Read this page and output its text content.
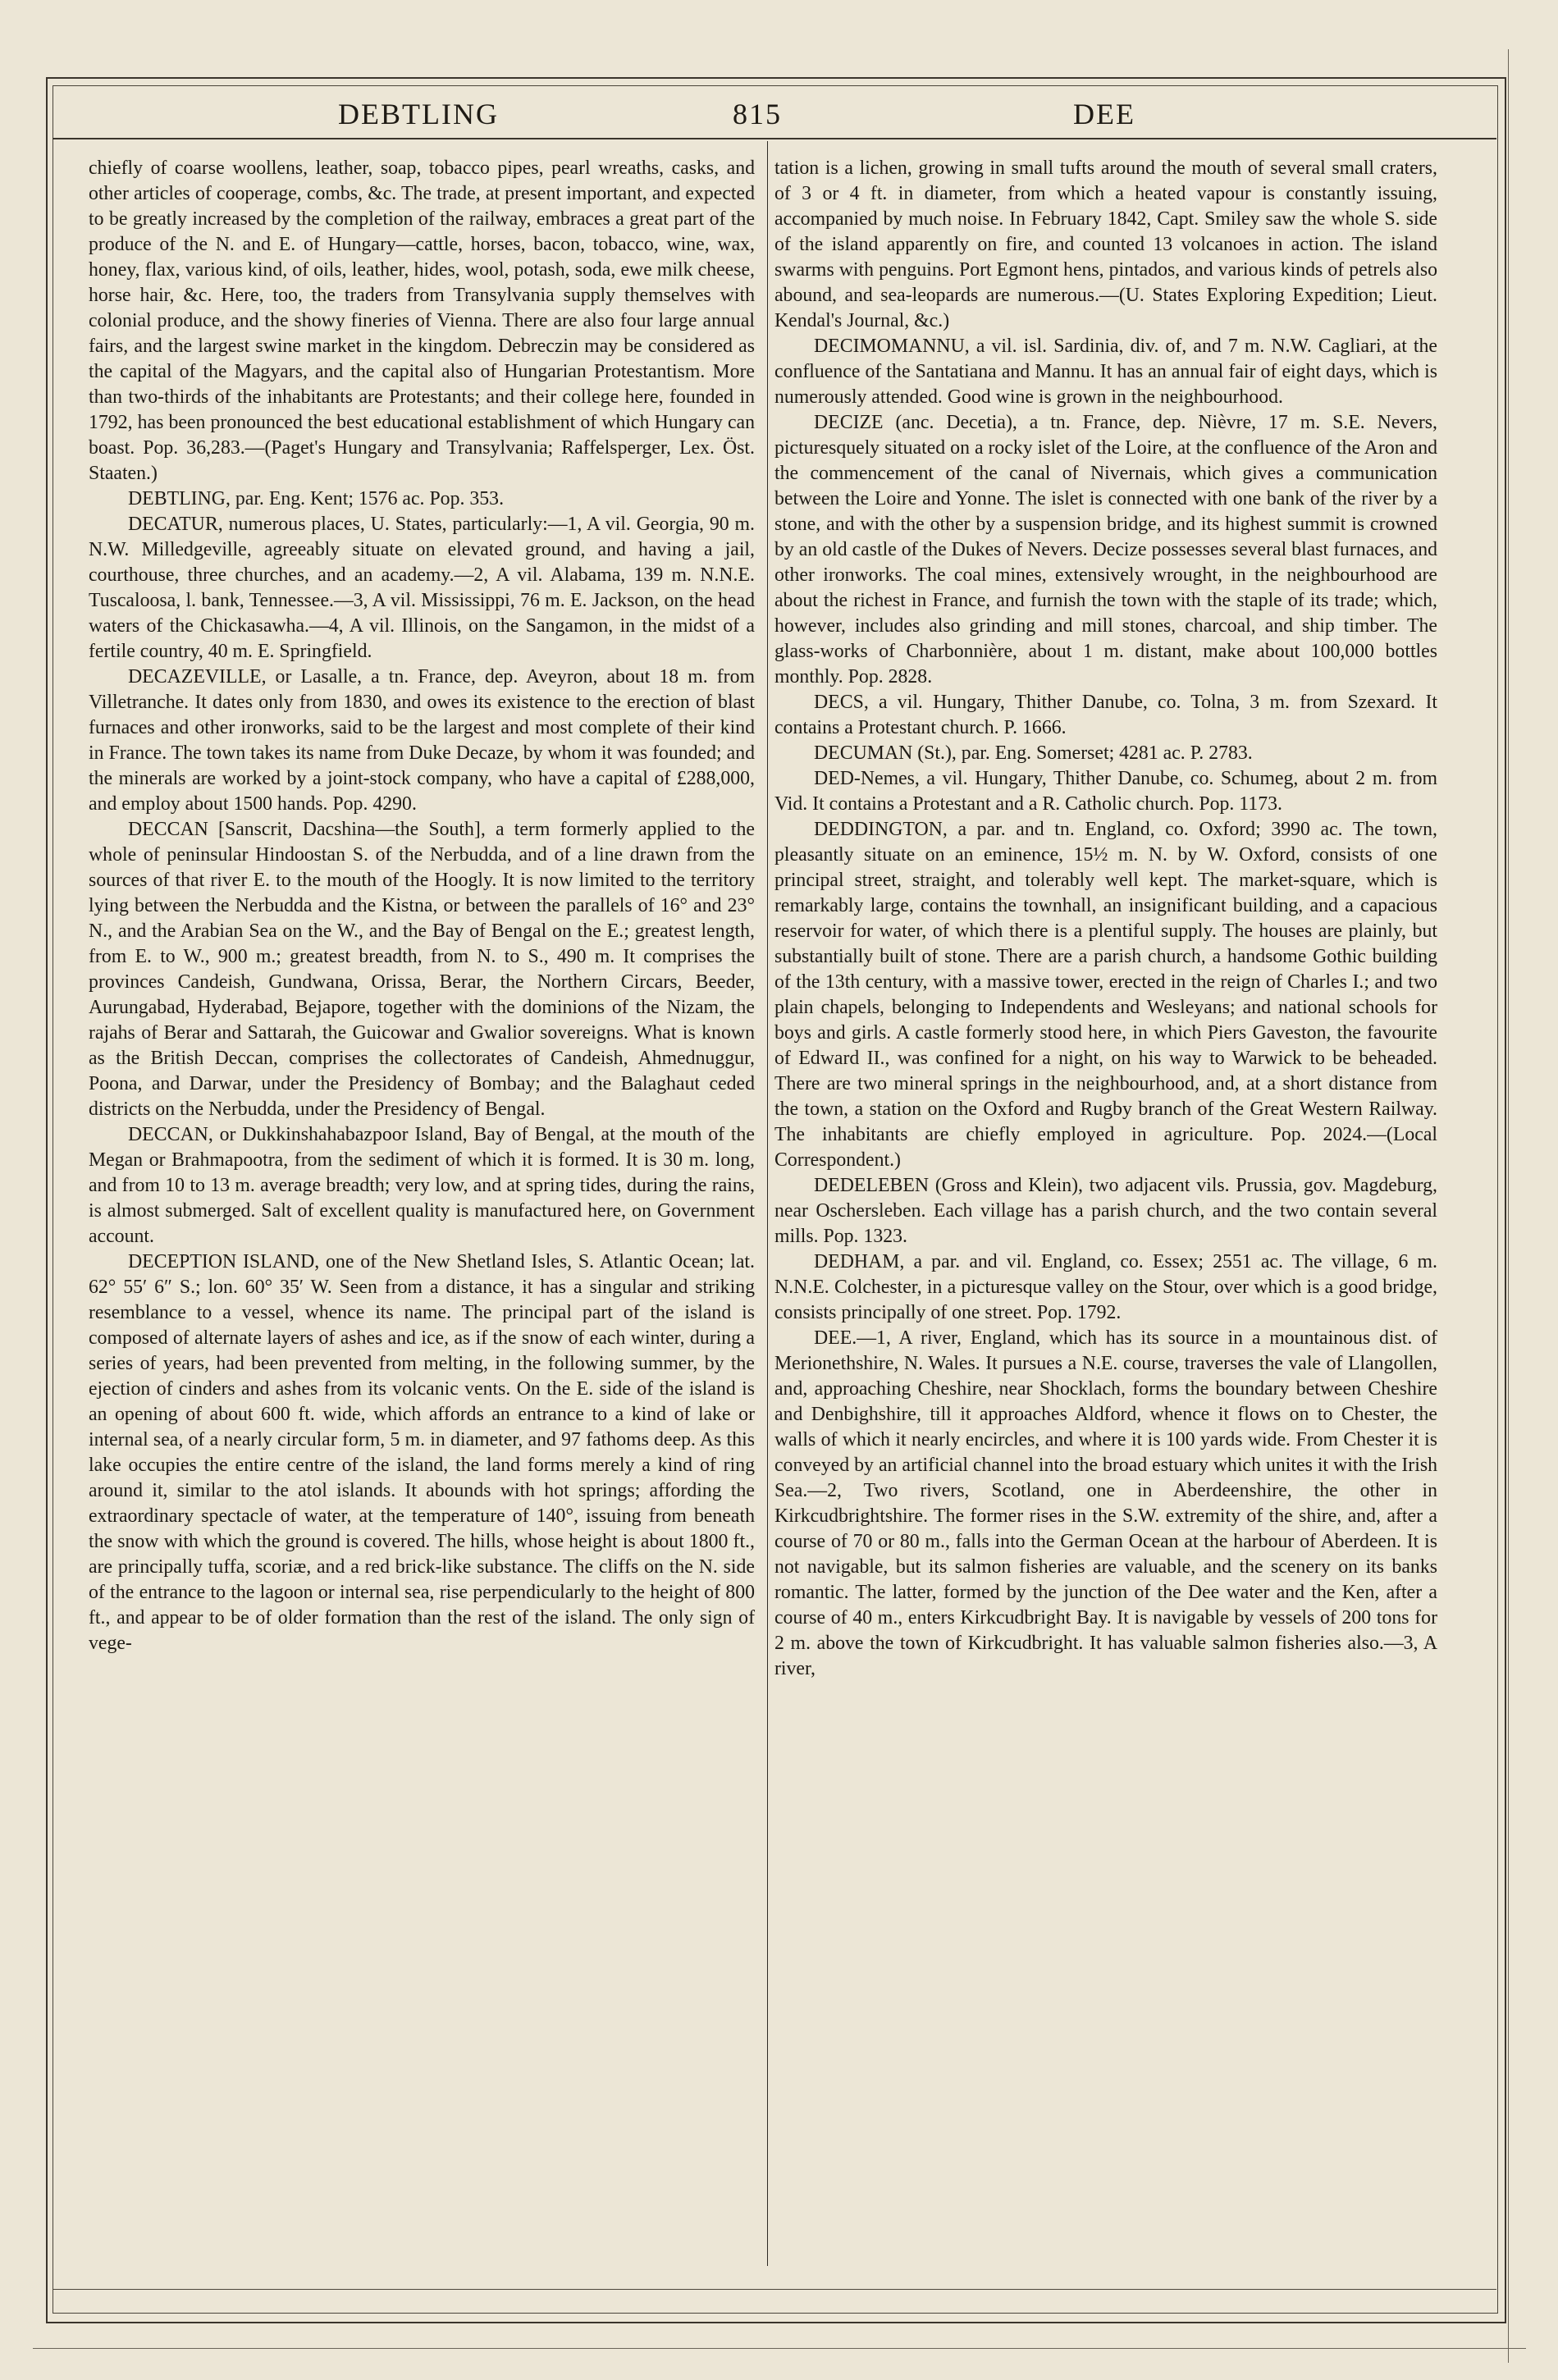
DEBTLING	815	DEE

chiefly of coarse woollens, leather, soap, tobacco pipes, pearl wreaths, casks, and other articles of cooperage, combs, &c. The trade, at present important, and expected to be greatly increased by the completion of the railway, embraces a great part of the produce of the N. and E. of Hungary—cattle, horses, bacon, tobacco, wine, wax, honey, flax, various kind, of oils, leather, hides, wool, potash, soda, ewe milk cheese, horse hair, &c. Here, too, the traders from Transylvania supply themselves with colonial produce, and the showy fineries of Vienna. There are also four large annual fairs, and the largest swine market in the kingdom. Debreczin may be considered as the capital of the Magyars, and the capital also of Hungarian Protestantism. More than two-thirds of the inhabitants are Protestants; and their college here, founded in 1792, has been pronounced the best educational establishment of which Hungary can boast. Pop. 36,283.—(Paget's Hungary and Transylvania; Raffelsperger, Lex. Öst. Staaten.)

DEBTLING, par. Eng. Kent; 1576 ac. Pop. 353.

DECATUR, numerous places, U. States, particularly:—1, A vil. Georgia, 90 m. N.W. Milledgeville, agreeably situate on elevated ground, and having a jail, courthouse, three churches, and an academy.—2, A vil. Alabama, 139 m. N.N.E. Tuscaloosa, l. bank, Tennessee.—3, A vil. Mississippi, 76 m. E. Jackson, on the head waters of the Chickasawha.—4, A vil. Illinois, on the Sangamon, in the midst of a fertile country, 40 m. E. Springfield.

DECAZEVILLE, or Lasalle, a tn. France, dep. Aveyron, about 18 m. from Villetranche. It dates only from 1830, and owes its existence to the erection of blast furnaces and other ironworks, said to be the largest and most complete of their kind in France. The town takes its name from Duke Decaze, by whom it was founded; and the minerals are worked by a joint-stock company, who have a capital of £288,000, and employ about 1500 hands. Pop. 4290.

DECCAN [Sanscrit, Dacshina—the South], a term formerly applied to the whole of peninsular Hindoostan S. of the Nerbudda, and of a line drawn from the sources of that river E. to the mouth of the Hoogly. It is now limited to the territory lying between the Nerbudda and the Kistna, or between the parallels of 16° and 23° N., and the Arabian Sea on the W., and the Bay of Bengal on the E.; greatest length, from E. to W., 900 m.; greatest breadth, from N. to S., 490 m. It comprises the provinces Candeish, Gundwana, Orissa, Berar, the Northern Circars, Beeder, Aurungabad, Hyderabad, Bejapore, together with the dominions of the Nizam, the rajahs of Berar and Sattarah, the Guicowar and Gwalior sovereigns. What is known as the British Deccan, comprises the collectorates of Candeish, Ahmednuggur, Poona, and Darwar, under the Presidency of Bombay; and the Balaghaut ceded districts on the Nerbudda, under the Presidency of Bengal.

DECCAN, or Dukkinshahabazpoor Island, Bay of Bengal, at the mouth of the Megan or Brahmapootra, from the sediment of which it is formed. It is 30 m. long, and from 10 to 13 m. average breadth; very low, and at spring tides, during the rains, is almost submerged. Salt of excellent quality is manufactured here, on Government account.

DECEPTION ISLAND, one of the New Shetland Isles, S. Atlantic Ocean; lat. 62° 55′ 6″ S.; lon. 60° 35′ W. Seen from a distance, it has a singular and striking resemblance to a vessel, whence its name. The principal part of the island is composed of alternate layers of ashes and ice, as if the snow of each winter, during a series of years, had been prevented from melting, in the following summer, by the ejection of cinders and ashes from its volcanic vents. On the E. side of the island is an opening of about 600 ft. wide, which affords an entrance to a kind of lake or internal sea, of a nearly circular form, 5 m. in diameter, and 97 fathoms deep. As this lake occupies the entire centre of the island, the land forms merely a kind of ring around it, similar to the atol islands. It abounds with hot springs; affording the extraordinary spectacle of water, at the temperature of 140°, issuing from beneath the snow with which the ground is covered. The hills, whose height is about 1800 ft., are principally tuffa, scoriæ, and a red brick-like substance. The cliffs on the N. side of the entrance to the lagoon or internal sea, rise perpendicularly to the height of 800 ft., and appear to be of older formation than the rest of the island. The only sign of vege-

tation is a lichen, growing in small tufts around the mouth of several small craters, of 3 or 4 ft. in diameter, from which a heated vapour is constantly issuing, accompanied by much noise. In February 1842, Capt. Smiley saw the whole S. side of the island apparently on fire, and counted 13 volcanoes in action. The island swarms with penguins. Port Egmont hens, pintados, and various kinds of petrels also abound, and sea-leopards are numerous.—(U. States Exploring Expedition; Lieut. Kendal's Journal, &c.)

DECIMOMANNU, a vil. isl. Sardinia, div. of, and 7 m. N.W. Cagliari, at the confluence of the Santatiana and Mannu. It has an annual fair of eight days, which is numerously attended. Good wine is grown in the neighbourhood.

DECIZE (anc. Decetia), a tn. France, dep. Nièvre, 17 m. S.E. Nevers, picturesquely situated on a rocky islet of the Loire, at the confluence of the Aron and the commencement of the canal of Nivernais, which gives a communication between the Loire and Yonne. The islet is connected with one bank of the river by a stone, and with the other by a suspension bridge, and its highest summit is crowned by an old castle of the Dukes of Nevers. Decize possesses several blast furnaces, and other ironworks. The coal mines, extensively wrought, in the neighbourhood are about the richest in France, and furnish the town with the staple of its trade; which, however, includes also grinding and mill stones, charcoal, and ship timber. The glass-works of Charbonnière, about 1 m. distant, make about 100,000 bottles monthly. Pop. 2828.

DECS, a vil. Hungary, Thither Danube, co. Tolna, 3 m. from Szexard. It contains a Protestant church. P. 1666.

DECUMAN (St.), par. Eng. Somerset; 4281 ac. P. 2783.

DED-Nemes, a vil. Hungary, Thither Danube, co. Schumeg, about 2 m. from Vid. It contains a Protestant and a R. Catholic church. Pop. 1173.

DEDDINGTON, a par. and tn. England, co. Oxford; 3990 ac. The town, pleasantly situate on an eminence, 15½ m. N. by W. Oxford, consists of one principal street, straight, and tolerably well kept. The market-square, which is remarkably large, contains the townhall, an insignificant building, and a capacious reservoir for water, of which there is a plentiful supply. The houses are plainly, but substantially built of stone. There are a parish church, a handsome Gothic building of the 13th century, with a massive tower, erected in the reign of Charles I.; and two plain chapels, belonging to Independents and Wesleyans; and national schools for boys and girls. A castle formerly stood here, in which Piers Gaveston, the favourite of Edward II., was confined for a night, on his way to Warwick to be beheaded. There are two mineral springs in the neighbourhood, and, at a short distance from the town, a station on the Oxford and Rugby branch of the Great Western Railway. The inhabitants are chiefly employed in agriculture. Pop. 2024.—(Local Correspondent.)

DEDELEBEN (Gross and Klein), two adjacent vils. Prussia, gov. Magdeburg, near Oschersleben. Each village has a parish church, and the two contain several mills. Pop. 1323.

DEDHAM, a par. and vil. England, co. Essex; 2551 ac. The village, 6 m. N.N.E. Colchester, in a picturesque valley on the Stour, over which is a good bridge, consists principally of one street. Pop. 1792.

DEE.—1, A river, England, which has its source in a mountainous dist. of Merionethshire, N. Wales. It pursues a N.E. course, traverses the vale of Llangollen, and, approaching Cheshire, near Shocklach, forms the boundary between Cheshire and Denbighshire, till it approaches Aldford, whence it flows on to Chester, the walls of which it nearly encircles, and where it is 100 yards wide. From Chester it is conveyed by an artificial channel into the broad estuary which unites it with the Irish Sea.—2, Two rivers, Scotland, one in Aberdeenshire, the other in Kirkcudbrightshire. The former rises in the S.W. extremity of the shire, and, after a course of 70 or 80 m., falls into the German Ocean at the harbour of Aberdeen. It is not navigable, but its salmon fisheries are valuable, and the scenery on its banks romantic. The latter, formed by the junction of the Dee water and the Ken, after a course of 40 m., enters Kirkcudbright Bay. It is navigable by vessels of 200 tons for 2 m. above the town of Kirkcudbright. It has valuable salmon fisheries also.—3, A river,
